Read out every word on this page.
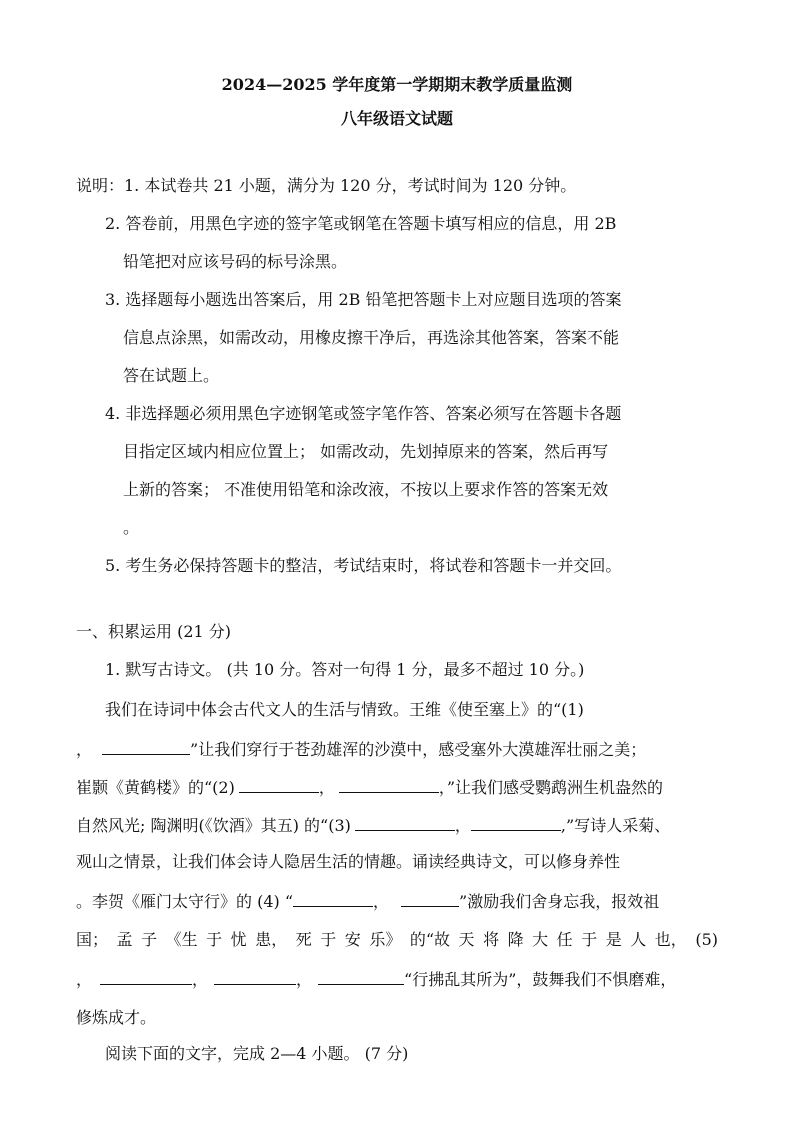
2024—2025 学年度第一学期期末教学质量监测
八年级语文试题
说明：1. 本试卷共 21 小题，满分为 120 分，考试时间为 120 分钟。
2. 答卷前，用黑色字迹的签字笔或钢笔在答题卡填写相应的信息，用 2B
铅笔把对应该号码的标号涂黑。
3. 选择题每小题选出答案后，用 2B 铅笔把答题卡上对应题目选项的答案
信息点涂黑，如需改动，用橡皮擦干净后，再选涂其他答案，答案不能
答在试题上。
4. 非选择题必须用黑色字迹钢笔或签字笔作答、答案必须写在答题卡各题
目指定区域内相应位置上； 如需改动，先划掉原来的答案，然后再写
上新的答案； 不准使用铅笔和涂改液，不按以上要求作答的答案无效
。
5. 考生务必保持答题卡的整洁，考试结束时，将试卷和答题卡一并交回。
一、积累运用 (21 分)
1. 默写古诗文。 (共 10 分。答对一句得 1 分，最多不超过 10 分。)
我们在诗词中体会古代文人的生活与情致。王维《使至塞上》的“(1)
，	”让我们穿行于苍劲雄浑的沙漠中，感受塞外大漠雄浑壮丽之美；
崔颢《黄鹤楼》的“(2)	，	，”让我们感受鹦鹉洲生机盎然的
自然风光; 陶渊明(《饮酒》其五) 的“(3)	，	,”写诗人采菊、
观山之情景，让我们体会诗人隐居生活的情趣。诵读经典诗文，可以修身养性
。李贺《雁门太守行》的 (4) “	，	”激励我们舍身忘我，报效祖
国； 孟 子 《生 于 忧 患， 死 于 安 乐》 的“故 天 将 降 大 任 于 是 人 也， (5)
，	，	，	“行拂乱其所为”，鼓舞我们不惧磨难，
修炼成才。
阅读下面的文字，完成 2—4 小题。 (7 分)
